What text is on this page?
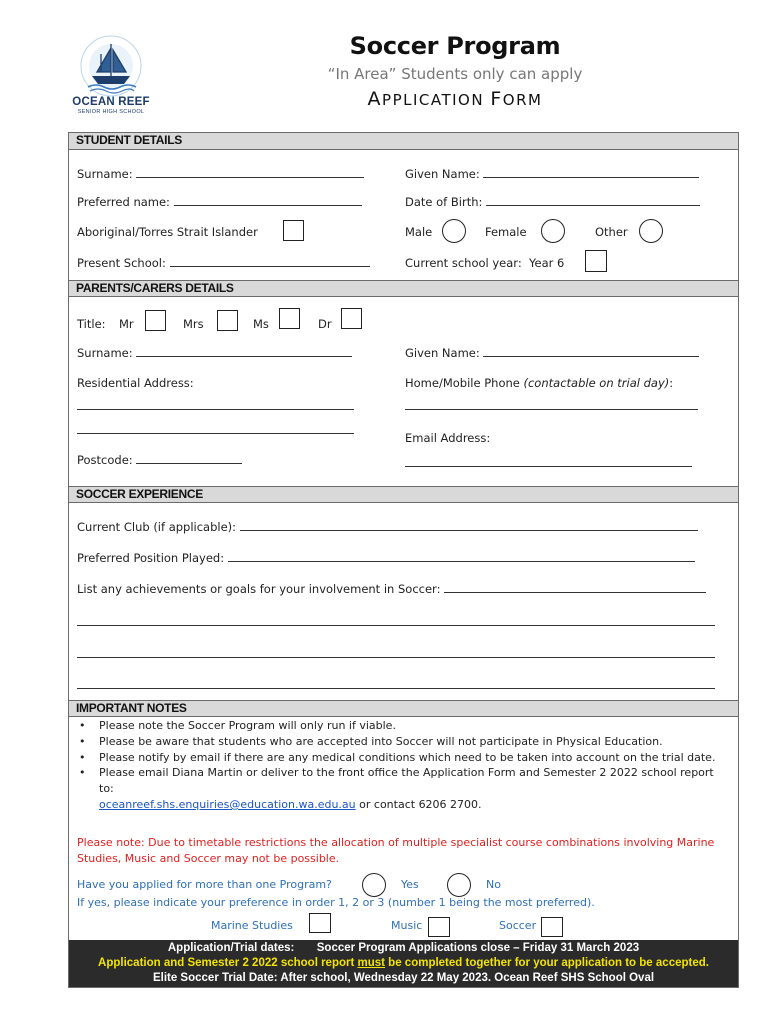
OCEAN REEF
SENIOR HIGH SCHOOL
Soccer Program
“In Area” Students only can apply
APPLICATION FORM
STUDENT DETAILS
Surname:	Given Name:
Preferred name:	Date of Birth:
Aboriginal/Torres Strait Islander	Male	Female	Other
Present School:	Current school year: Year 6
PARENTS/CARERS DETAILS
Title: Mr	Mrs	Ms	Dr
Surname:	Given Name:
Residential Address:	Home/Mobile Phone (contactable on trial day):
Email Address:
Postcode:
SOCCER EXPERIENCE
Current Club (if applicable):
Preferred Position Played:
List any achievements or goals for your involvement in Soccer:
IMPORTANT NOTES
• Please note the Soccer Program will only run if viable.
• Please be aware that students who are accepted into Soccer will not participate in Physical Education.
• Please notify by email if there are any medical conditions which need to be taken into account on the trial date.
• Please email Diana Martin or deliver to the front office the Application Form and Semester 2 2022 school report to:
oceanreef.shs.enquiries@education.wa.edu.au or contact 6206 2700.
Please note: Due to timetable restrictions the allocation of multiple specialist course combinations involving Marine Studies, Music and Soccer may not be possible.
Have you applied for more than one Program?	Yes	No
If yes, please indicate your preference in order 1, 2 or 3 (number 1 being the most preferred).
Marine Studies	Music	Soccer
Application/Trial dates: Soccer Program Applications close – Friday 31 March 2023
Application and Semester 2 2022 school report must be completed together for your application to be accepted.
Elite Soccer Trial Date: After school, Wednesday 22 May 2023. Ocean Reef SHS School Oval
